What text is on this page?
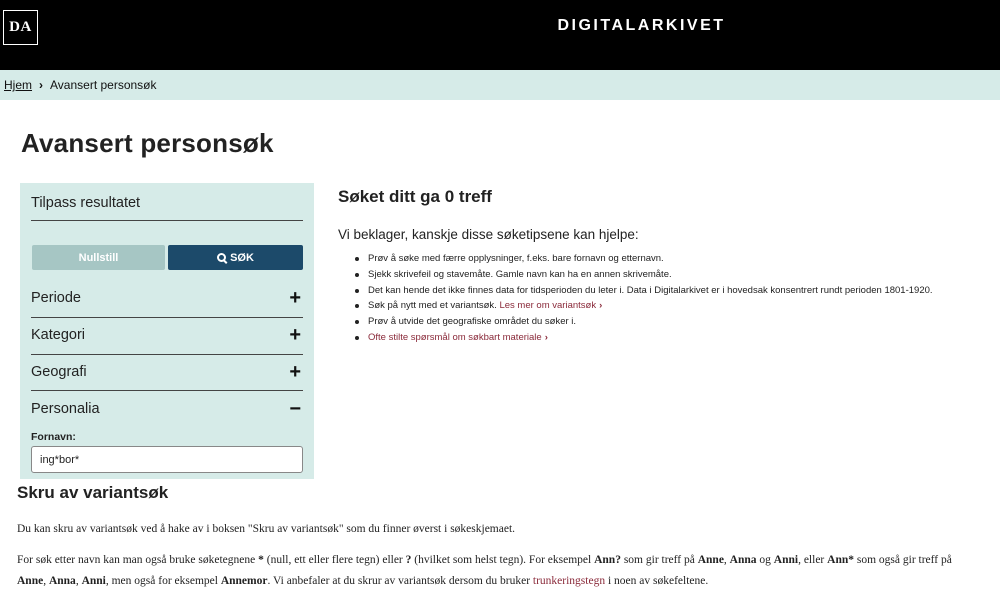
DA	DIGITALARKIVET
Hjem › Avansert personsøk
Avansert personsøk
Tilpass resultatet
Nullstill	SØK
Periode	+
Kategori	+
Geografi	+
Personalia	−
Fornavn:
ing*bor*
Søket ditt ga 0 treff

Vi beklager, kanskje disse søketipsene kan hjelpe:

Prøv å søke med færre opplysninger, f.eks. bare fornavn og etternavn.
Sjekk skrivefeil og stavemåte. Gamle navn kan ha en annen skrivemåte.
Det kan hende det ikke finnes data for tidsperioden du leter i. Data i Digitalarkivet er i hovedsak konsentrert rundt perioden 1801-1920.
Søk på nytt med et variantsøk. Les mer om variantsøk ›
Prøv å utvide det geografiske området du søker i.
Ofte stilte spørsmål om søkbart materiale ›
Skru av variantsøk

Du kan skru av variantsøk ved å hake av i boksen "Skru av variantsøk" som du finner øverst i søkeskjemaet.

For søk etter navn kan man også bruke søketegnene * (null, ett eller flere tegn) eller ? (hvilket som helst tegn). For eksempel Ann? som gir treff på Anne, Anna og Anni, eller Ann* som også gir treff på Anne, Anna, Anni, men også for eksempel Annemor. Vi anbefaler at du skrur av variantsøk dersom du bruker trunkeringstegn i noen av søkefeltene.
